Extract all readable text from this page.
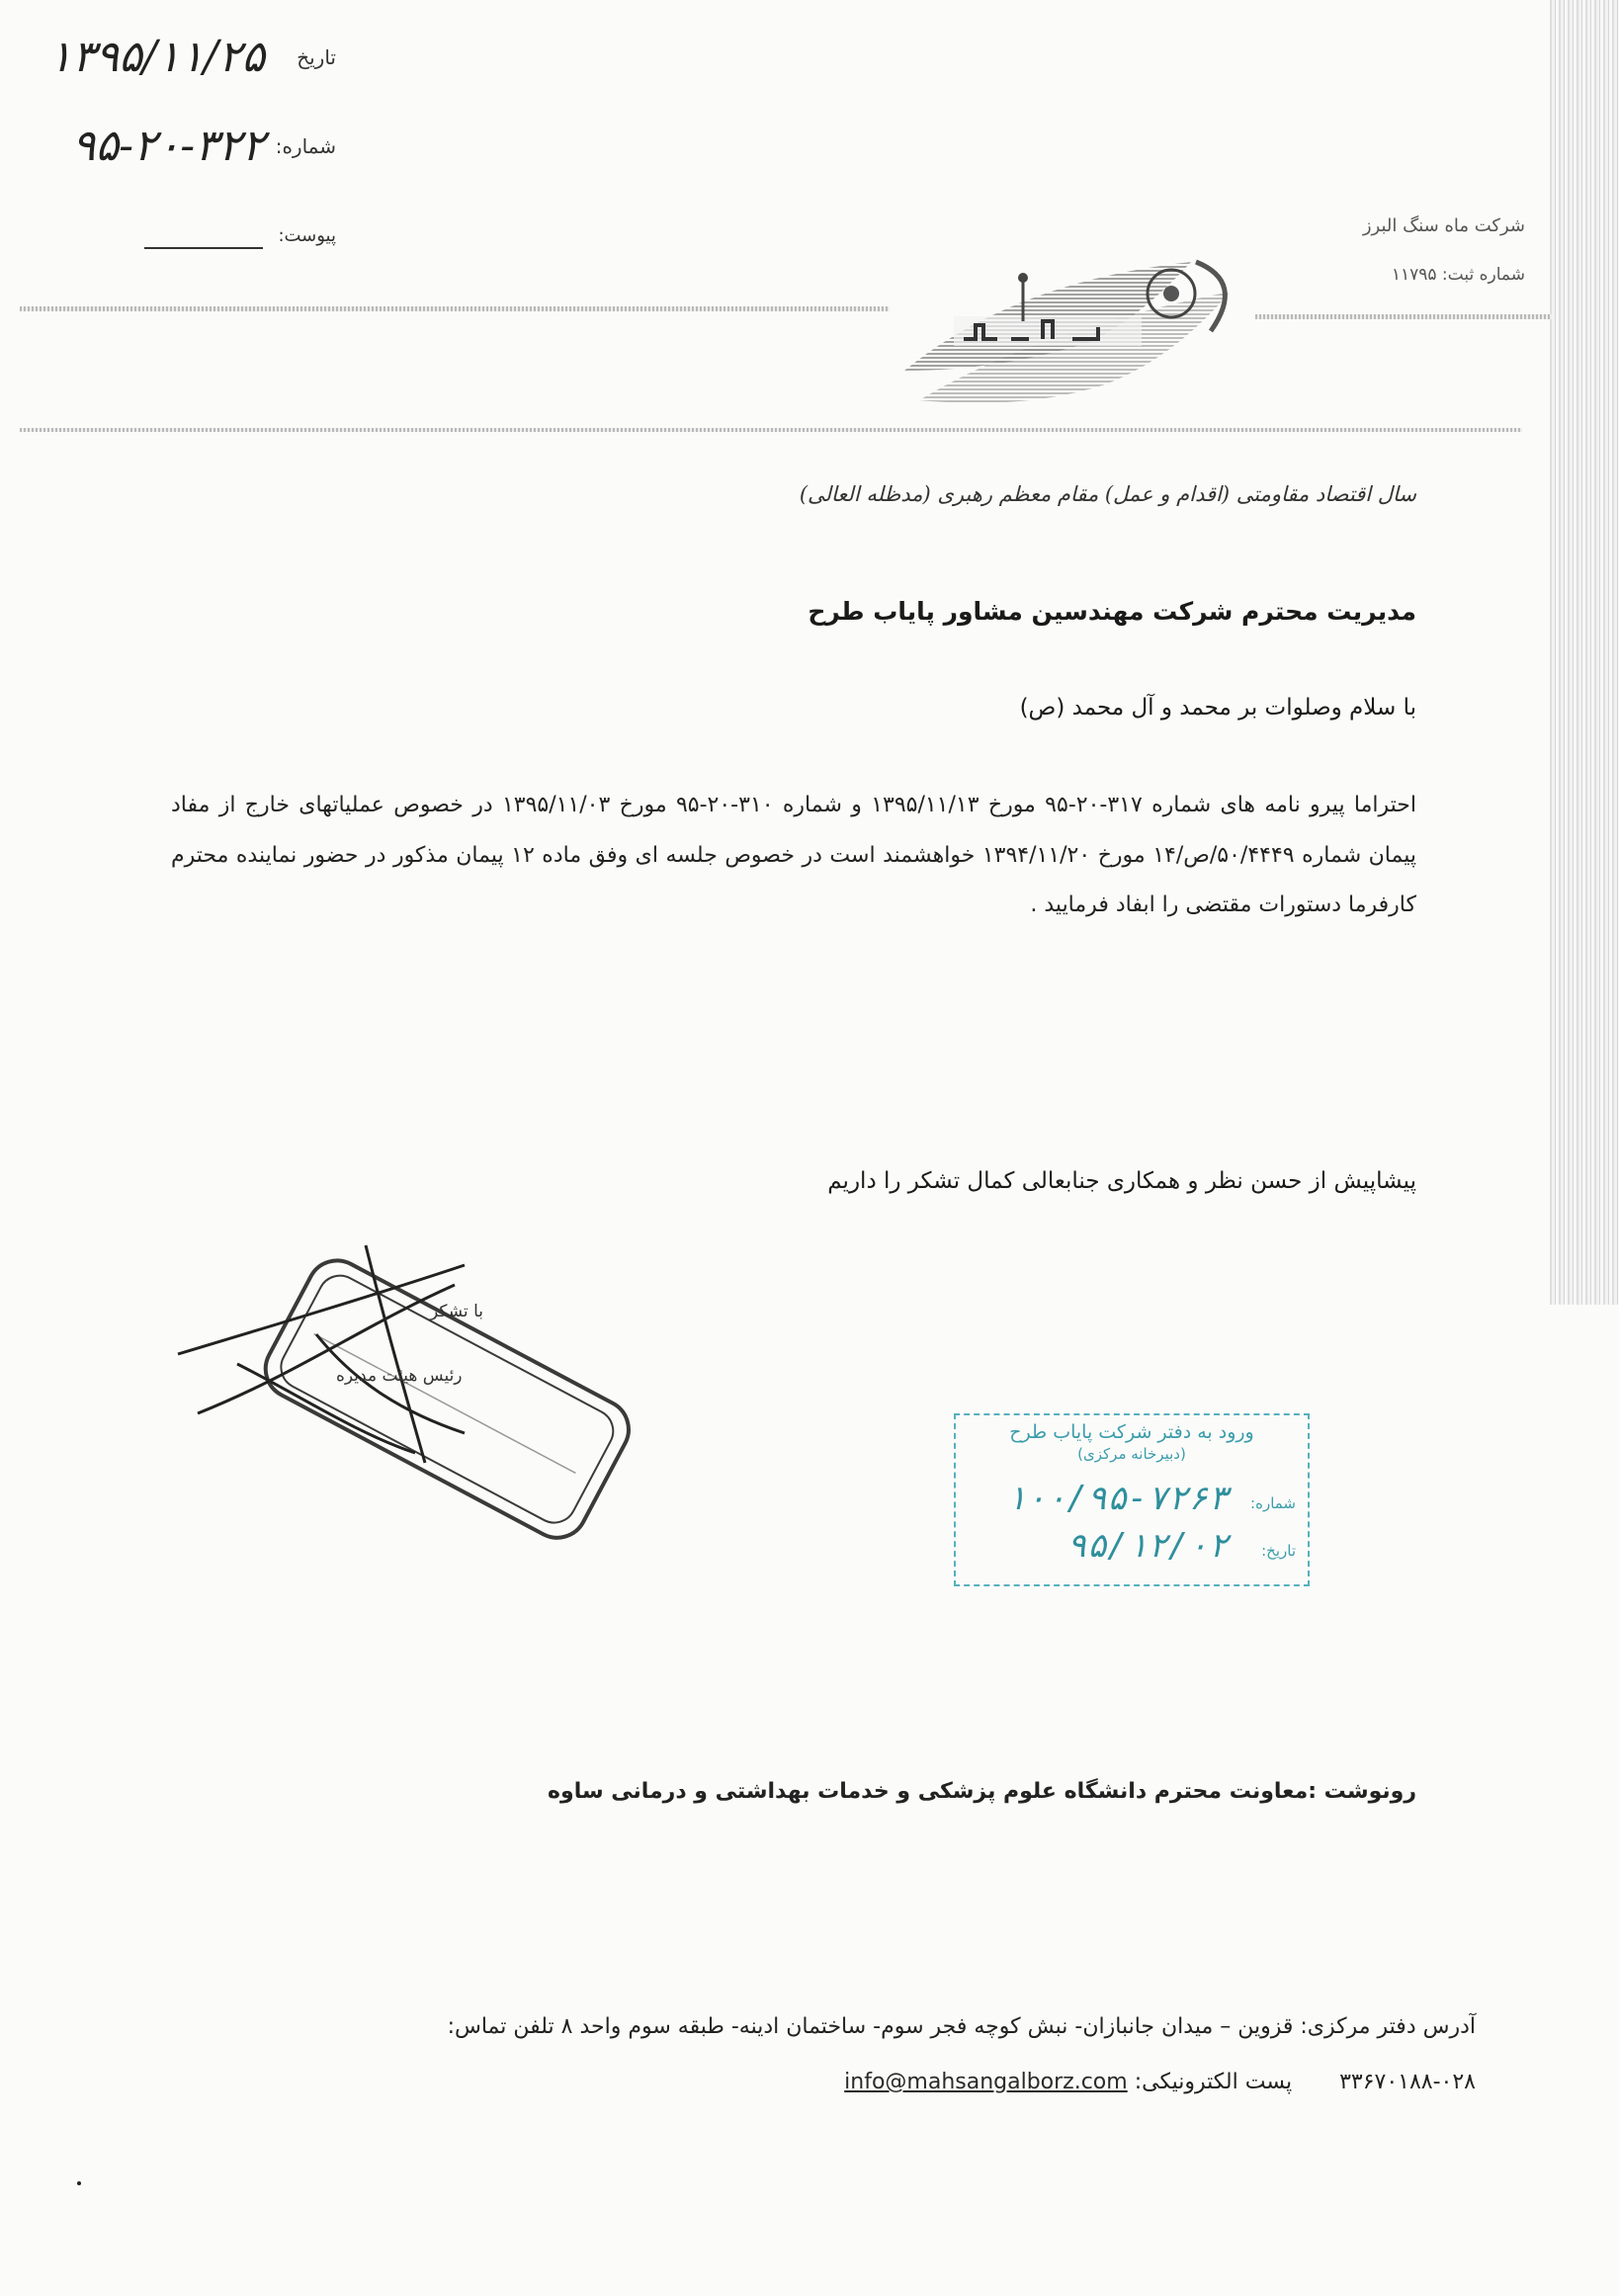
تاریخ
۱۳۹۵/۱۱/۲۵
شماره:
۹۵-۲۰-۳۲۲
پیوست:	شرکت ماه سنگ البرز
شماره ثبت: ۱۱۷۹۵
سال اقتصاد مقاومتی (اقدام و عمل) مقام معظم رهبری (مدظله العالی)
مدیریت محترم شرکت مهندسین مشاور پایاب طرح
با سلام وصلوات بر محمد و آل محمد (ص)
احتراما پیرو نامه های شماره ۳۱۷-۲۰-۹۵ مورخ ۱۳۹۵/۱۱/۱۳ و شماره ۳۱۰-۲۰-۹۵ مورخ ۱۳۹۵/۱۱/۰۳ در خصوص عملیاتهای خارج از مفاد پیمان شماره ۵۰/۴۴۴۹/ص/۱۴ مورخ ۱۳۹۴/۱۱/۲۰ خواهشمند است در خصوص جلسه ای وفق ماده ۱۲ پیمان مذکور در حضور نماینده محترم کارفرما دستورات مقتضی را ابفاد فرمایید .
پیشاپیش از حسن نظر و همکاری جنابعالی کمال تشکر را داریم
با تشکر
رئیس هیئت مدیره
ورود به دفتر شرکت پایاب طرح
(دبیرخانه مرکزی)
شماره:
۱۰۰/۹۵-۷۲۶۳
تاریخ:
۹۵/۱۲/۰۲
رونوشت :معاونت محترم دانشگاه علوم پزشکی و خدمات بهداشتی و درمانی ساوه
آدرس دفتر مرکزی: قزوین – میدان جانبازان- نبش کوچه فجر سوم- ساختمان ادینه- طبقه سوم واحد ۸ تلفن تماس:
۳۳۶۷۰۱۸۸-۰۲۸  پست الکترونیکی: info@mahsangalborz.com
